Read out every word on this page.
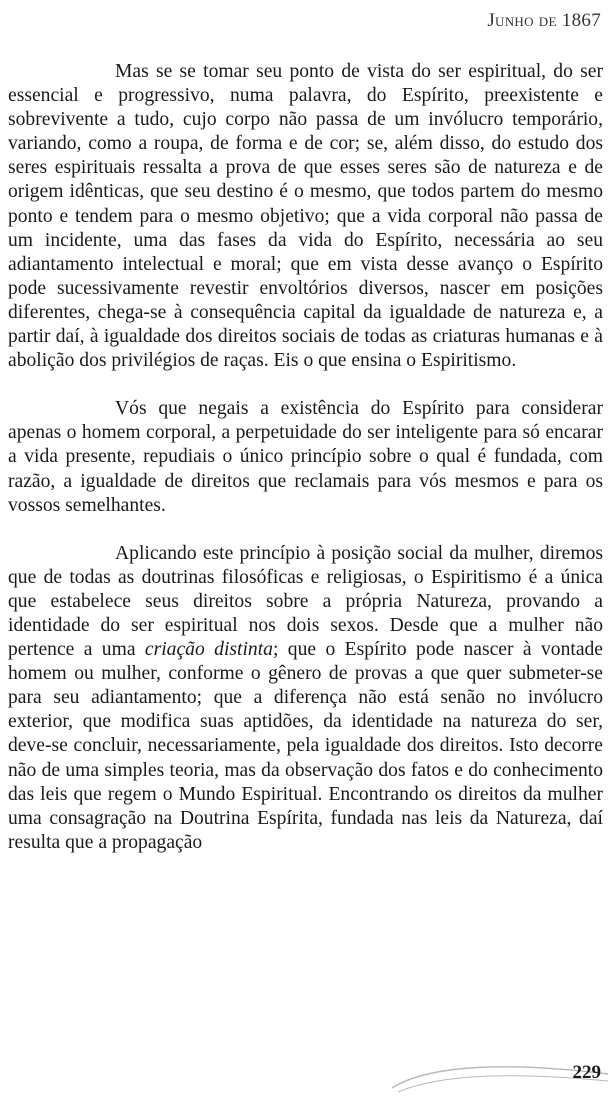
Junho de 1867

Mas se se tomar seu ponto de vista do ser espiritual, do ser essencial e progressivo, numa palavra, do Espírito, preexistente e sobrevivente a tudo, cujo corpo não passa de um invólucro temporário, variando, como a roupa, de forma e de cor; se, além disso, do estudo dos seres espirituais ressalta a prova de que esses seres são de natureza e de origem idênticas, que seu destino é o mesmo, que todos partem do mesmo ponto e tendem para o mesmo objetivo; que a vida corporal não passa de um incidente, uma das fases da vida do Espírito, necessária ao seu adiantamento intelectual e moral; que em vista desse avanço o Espírito pode sucessivamente revestir envoltórios diversos, nascer em posições diferentes, chega-se à consequência capital da igualdade de natureza e, a partir daí, à igualdade dos direitos sociais de todas as criaturas humanas e à abolição dos privilégios de raças. Eis o que ensina o Espiritismo.

Vós que negais a existência do Espírito para considerar apenas o homem corporal, a perpetuidade do ser inteligente para só encarar a vida presente, repudiais o único princípio sobre o qual é fundada, com razão, a igualdade de direitos que reclamais para vós mesmos e para os vossos semelhantes.

Aplicando este princípio à posição social da mulher, diremos que de todas as doutrinas filosóficas e religiosas, o Espiritismo é a única que estabelece seus direitos sobre a própria Natureza, provando a identidade do ser espiritual nos dois sexos. Desde que a mulher não pertence a uma criação distinta; que o Espírito pode nascer à vontade homem ou mulher, conforme o gênero de provas a que quer submeter-se para seu adiantamento; que a diferença não está senão no invólucro exterior, que modifica suas aptidões, da identidade na natureza do ser, deve-se concluir, necessariamente, pela igualdade dos direitos. Isto decorre não de uma simples teoria, mas da observação dos fatos e do conhecimento das leis que regem o Mundo Espiritual. Encontrando os direitos da mulher uma consagração na Doutrina Espírita, fundada nas leis da Natureza, daí resulta que a propagação

229
